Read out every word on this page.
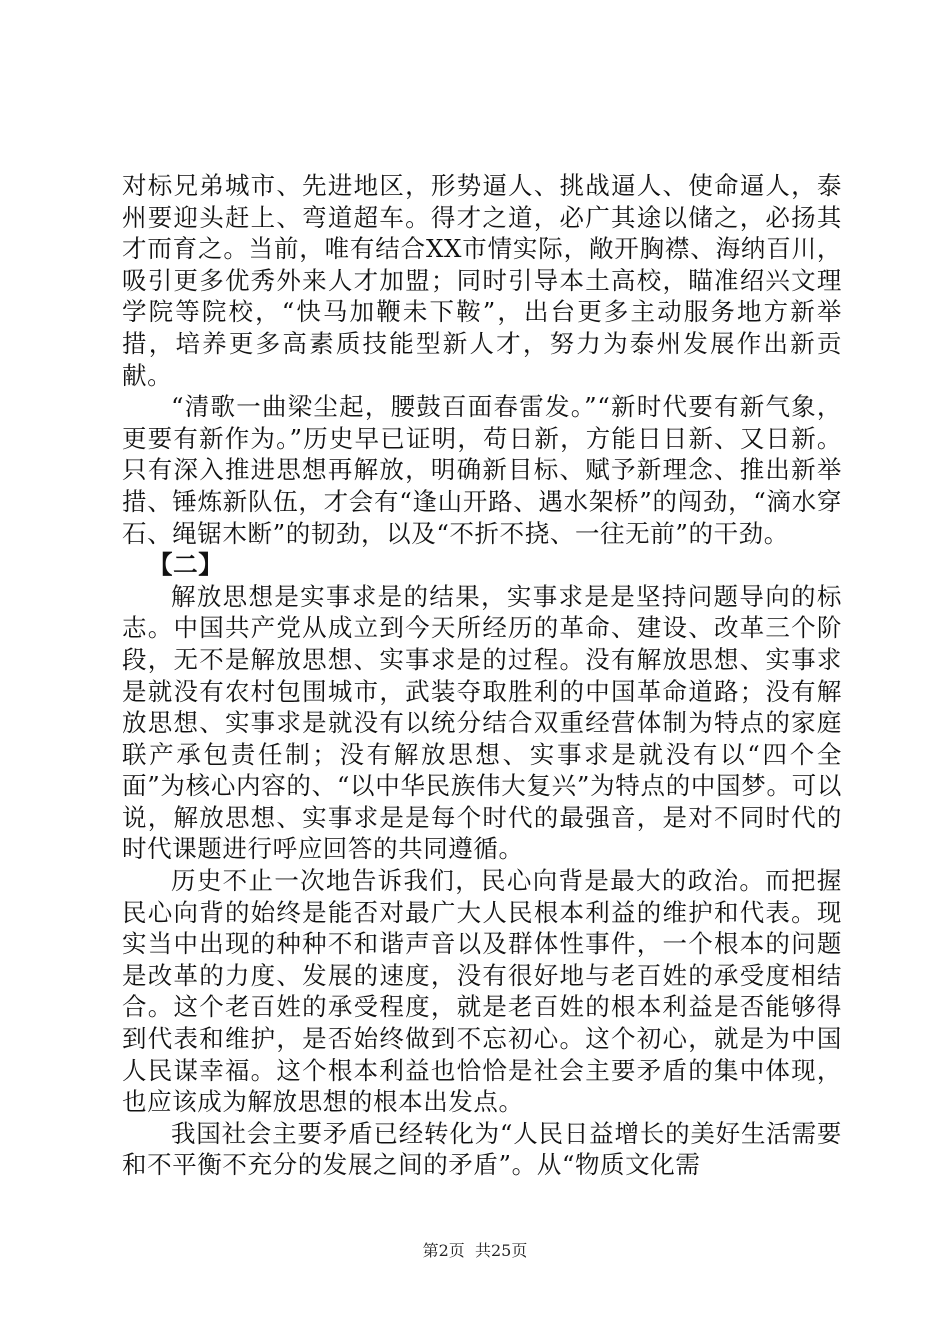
对标兄弟城市、先进地区，形势逼人、挑战逼人、使命逼人，泰州要迎头赶上、弯道超车。得才之道，必广其途以储之，必扬其才而育之。当前，唯有结合XX市情实际，敞开胸襟、海纳百川，吸引更多优秀外来人才加盟；同时引导本土高校，瞄准绍兴文理学院等院校，“快马加鞭未下鞍”，出台更多主动服务地方新举措，培养更多高素质技能型新人才，努力为泰州发展作出新贡献。

“清歌一曲梁尘起，腰鼓百面春雷发。”“新时代要有新气象，更要有新作为。”历史早已证明，苟日新，方能日日新、又日新。只有深入推进思想再解放，明确新目标、赋予新理念、推出新举措、锤炼新队伍，才会有“逢山开路、遇水架桥”的闯劲，“滴水穿石、绳锯木断”的韧劲，以及“不折不挠、一往无前”的干劲。

【二】

解放思想是实事求是的结果，实事求是是坚持问题导向的标志。中国共产党从成立到今天所经历的革命、建设、改革三个阶段，无不是解放思想、实事求是的过程。没有解放思想、实事求是就没有农村包围城市，武装夺取胜利的中国革命道路；没有解放思想、实事求是就没有以统分结合双重经营体制为特点的家庭联产承包责任制；没有解放思想、实事求是就没有以“四个全面”为核心内容的、“以中华民族伟大复兴”为特点的中国梦。可以说，解放思想、实事求是是每个时代的最强音，是对不同时代的时代课题进行呼应回答的共同遵循。

历史不止一次地告诉我们，民心向背是最大的政治。而把握民心向背的始终是能否对最广大人民根本利益的维护和代表。现实当中出现的种种不和谐声音以及群体性事件，一个根本的问题是改革的力度、发展的速度，没有很好地与老百姓的承受度相结合。这个老百姓的承受程度，就是老百姓的根本利益是否能够得到代表和维护，是否始终做到不忘初心。这个初心，就是为中国人民谋幸福。这个根本利益也恰恰是社会主要矛盾的集中体现，也应该成为解放思想的根本出发点。

我国社会主要矛盾已经转化为“人民日益增长的美好生活需要和不平衡不充分的发展之间的矛盾”。从“物质文化需

第2页 共25页
